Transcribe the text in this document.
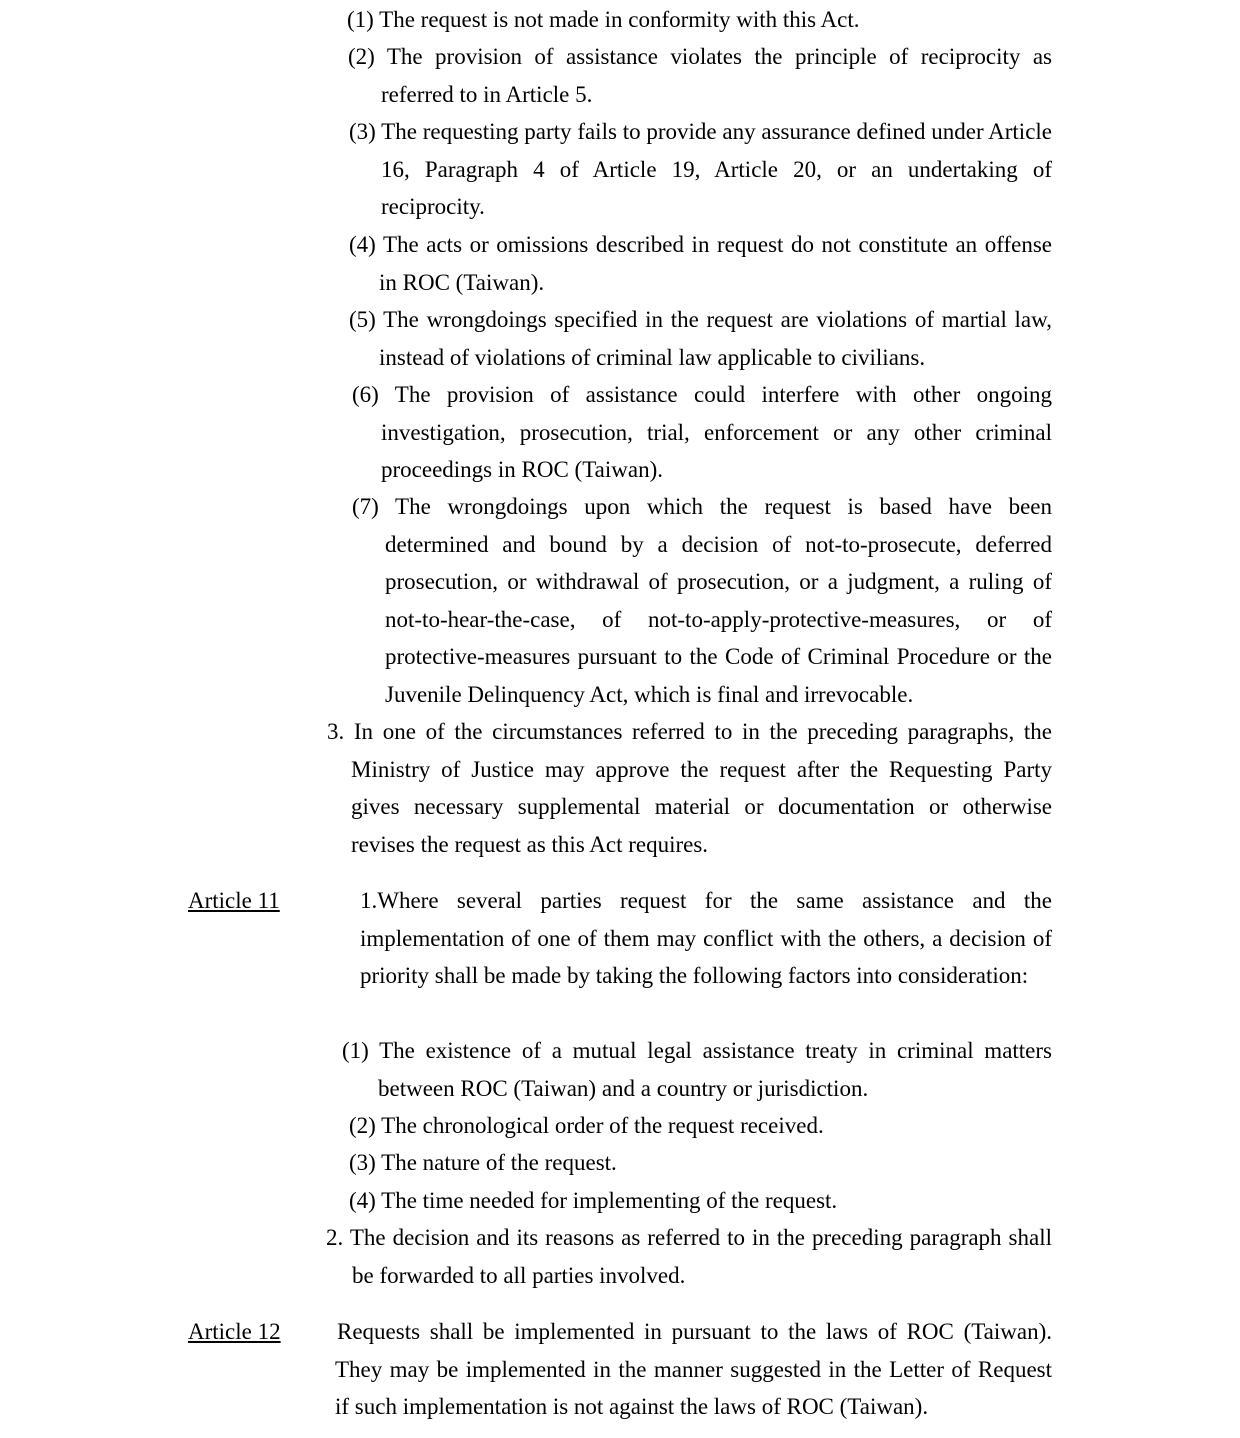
(1) The request is not made in conformity with this Act.

(2) The provision of assistance violates the principle of reciprocity as referred to in Article 5.

(3) The requesting party fails to provide any assurance defined under Article 16, Paragraph 4 of Article 19, Article 20, or an undertaking of reciprocity.

(4) The acts or omissions described in request do not constitute an offense in ROC (Taiwan).

(5) The wrongdoings specified in the request are violations of martial law, instead of violations of criminal law applicable to civilians.

(6) The provision of assistance could interfere with other ongoing investigation, prosecution, trial, enforcement or any other criminal proceedings in ROC (Taiwan).

(7) The wrongdoings upon which the request is based have been determined and bound by a decision of not-to-prosecute, deferred prosecution, or withdrawal of prosecution, or a judgment, a ruling of not-to-hear-the-case, of not-to-apply-protective-measures, or of protective-measures pursuant to the Code of Criminal Procedure or the Juvenile Delinquency Act, which is final and irrevocable.

3. In one of the circumstances referred to in the preceding paragraphs, the Ministry of Justice may approve the request after the Requesting Party gives necessary supplemental material or documentation or otherwise revises the request as this Act requires.

Article 11	1.Where several parties request for the same assistance and the implementation of one of them may conflict with the others, a decision of priority shall be made by taking the following factors into consideration:

(1) The existence of a mutual legal assistance treaty in criminal matters between ROC (Taiwan) and a country or jurisdiction.

(2) The chronological order of the request received.

(3) The nature of the request.

(4) The time needed for implementing of the request.

2. The decision and its reasons as referred to in the preceding paragraph shall be forwarded to all parties involved.

Article 12 Requests shall be implemented in pursuant to the laws of ROC (Taiwan). They may be implemented in the manner suggested in the Letter of Request if such implementation is not against the laws of ROC (Taiwan).
